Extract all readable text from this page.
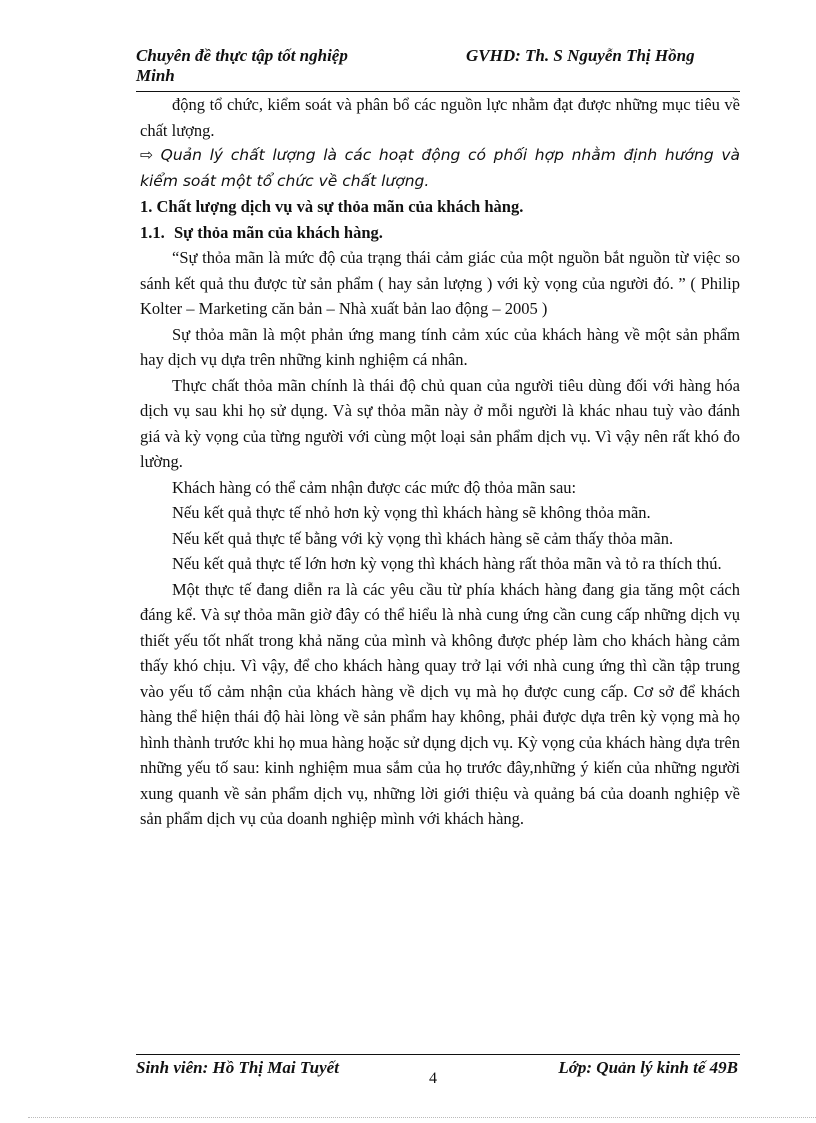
Chuyên đề thực tập tốt nghiệp
Minh
GVHD: Th. S Nguyễn Thị Hồng

động tổ chức, kiểm soát và phân bổ các nguồn lực nhằm đạt được những mục tiêu về chất lượng.

⇨ Quản lý chất lượng là các hoạt động có phối hợp nhằm định hướng và kiểm soát một tổ chức về chất lượng.

1. Chất lượng dịch vụ và sự thỏa mãn của khách hàng.

1.1. Sự thỏa mãn của khách hàng.

“Sự thỏa mãn là mức độ của trạng thái cảm giác của một nguồn bắt nguồn từ việc so sánh kết quả thu được từ sản phẩm ( hay sản lượng ) với kỳ vọng của người đó. ” ( Philip Kolter – Marketing căn bản – Nhà xuất bản lao động – 2005 )

Sự thỏa mãn là một phản ứng mang tính cảm xúc của khách hàng về một sản phẩm hay dịch vụ dựa trên những kinh nghiệm cá nhân.

Thực chất thỏa mãn chính là thái độ chủ quan của người tiêu dùng đối với hàng hóa dịch vụ sau khi họ sử dụng. Và sự thỏa mãn này ở mỗi người là khác nhau tuỳ vào đánh giá và kỳ vọng của từng người với cùng một loại sản phẩm dịch vụ. Vì vậy nên rất khó đo lường.

Khách hàng có thể cảm nhận được các mức độ thỏa mãn sau:

Nếu kết quả thực tế nhỏ hơn kỳ vọng thì khách hàng sẽ không thỏa mãn.

Nếu kết quả thực tế bằng với kỳ vọng thì khách hàng sẽ cảm thấy thỏa mãn.

Nếu kết quả thực tế lớn hơn kỳ vọng thì khách hàng rất thỏa mãn và tỏ ra thích thú.

Một thực tế đang diễn ra là các yêu cầu từ phía khách hàng đang gia tăng một cách đáng kể. Và sự thỏa mãn giờ đây có thể hiểu là nhà cung ứng cần cung cấp những dịch vụ thiết yếu tốt nhất trong khả năng của mình và không được phép làm cho khách hàng cảm thấy khó chịu. Vì vậy, để cho khách hàng quay trở lại với nhà cung ứng thì cần tập trung vào yếu tố cảm nhận của khách hàng về dịch vụ mà họ được cung cấp. Cơ sở để khách hàng thể hiện thái độ hài lòng về sản phẩm hay không, phải được dựa trên kỳ vọng mà họ hình thành trước khi họ mua hàng hoặc sử dụng dịch vụ. Kỳ vọng của khách hàng dựa trên những yếu tố sau: kinh nghiệm mua sắm của họ trước đây,những ý kiến của những người xung quanh về sản phẩm dịch vụ, những lời giới thiệu và quảng bá của doanh nghiệp về sản phẩm dịch vụ của doanh nghiệp mình với khách hàng.

Sinh viên: Hồ Thị Mai Tuyết
4
Lớp: Quản lý kinh tế 49B
